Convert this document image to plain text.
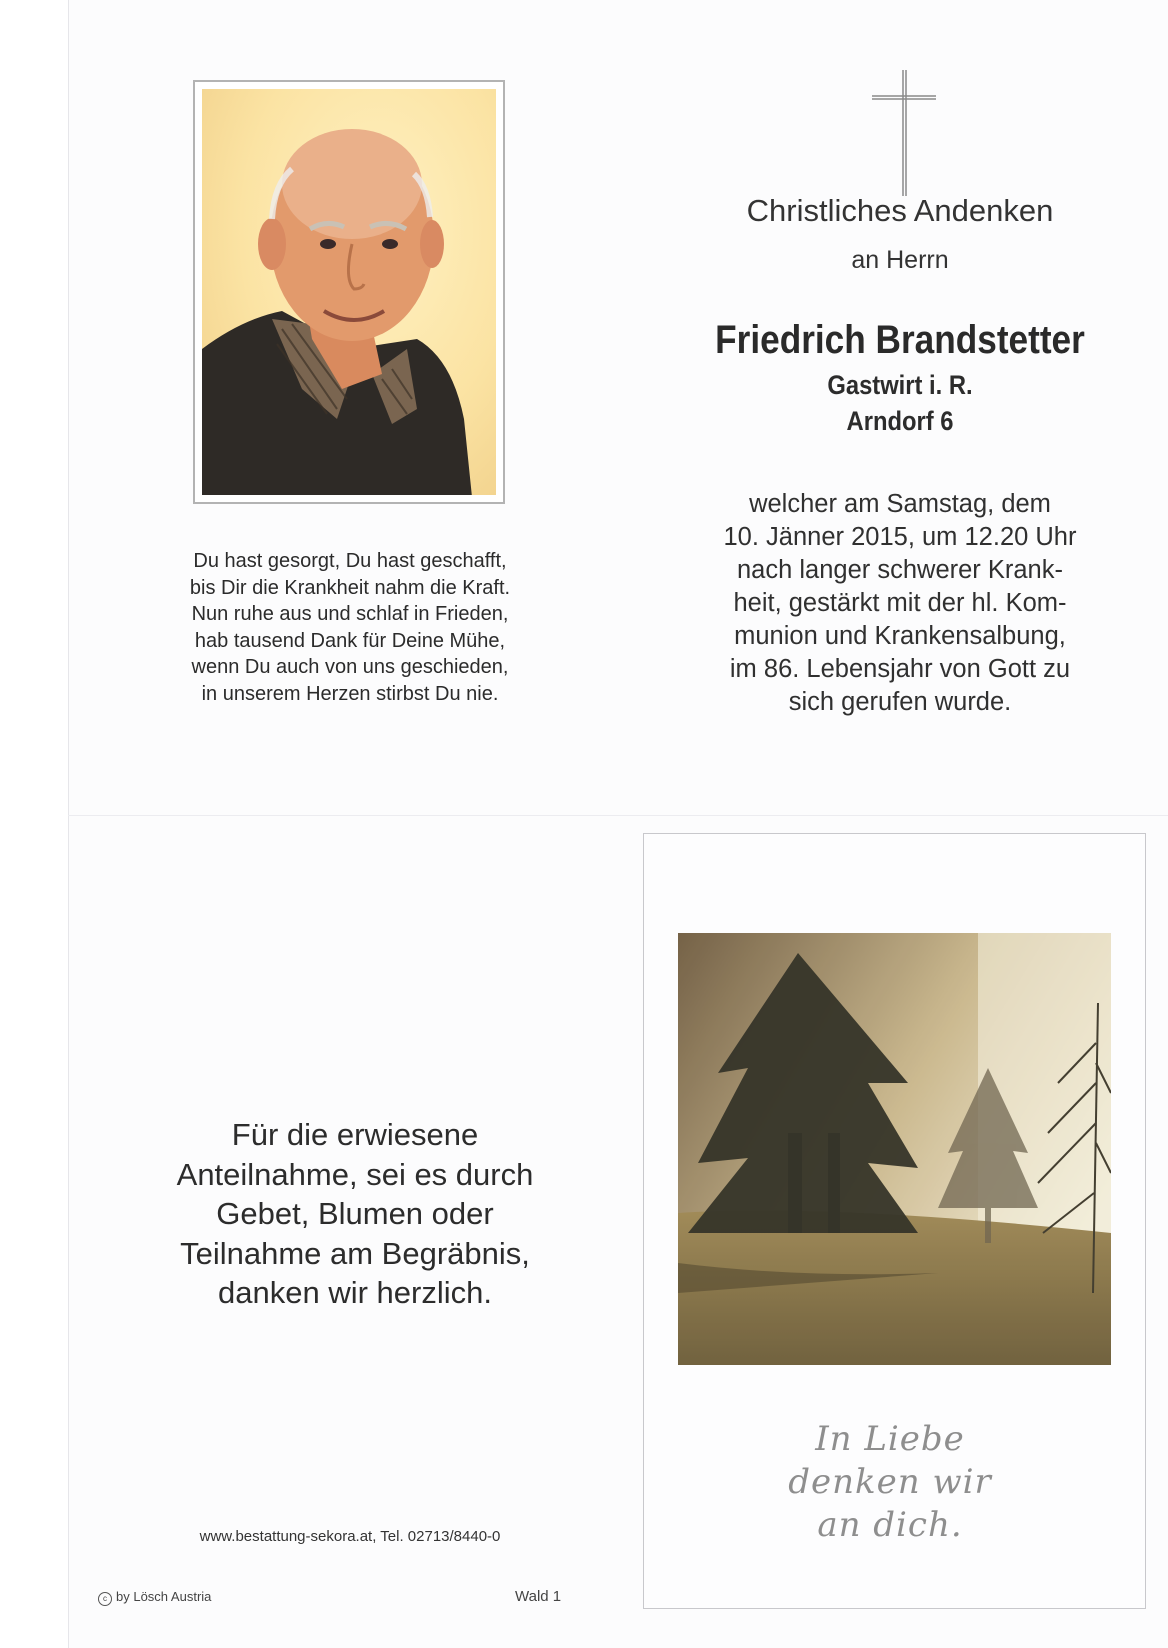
Du hast gesorgt, Du hast geschafft,
bis Dir die Krankheit nahm die Kraft.
Nun ruhe aus und schlaf in Frieden,
hab tausend Dank für Deine Mühe,
wenn Du auch von uns geschieden,
in unserem Herzen stirbst Du nie.
Christliches Andenken
an Herrn
Friedrich Brandstetter
Gastwirt i. R.
Arndorf 6
welcher am Samstag, dem
10. Jänner 2015, um 12.20 Uhr
nach langer schwerer Krank-
heit, gestärkt mit der hl. Kom-
munion und Krankensalbung,
im 86. Lebensjahr von Gott zu
sich gerufen wurde.
Für die erwiesene
Anteilnahme, sei es durch
Gebet, Blumen oder
Teilnahme am Begräbnis,
danken wir herzlich.
www.bestattung-sekora.at, Tel. 02713/8440-0
c by Lösch Austria	Wald 1
In Liebe
denken wir
an dich.
